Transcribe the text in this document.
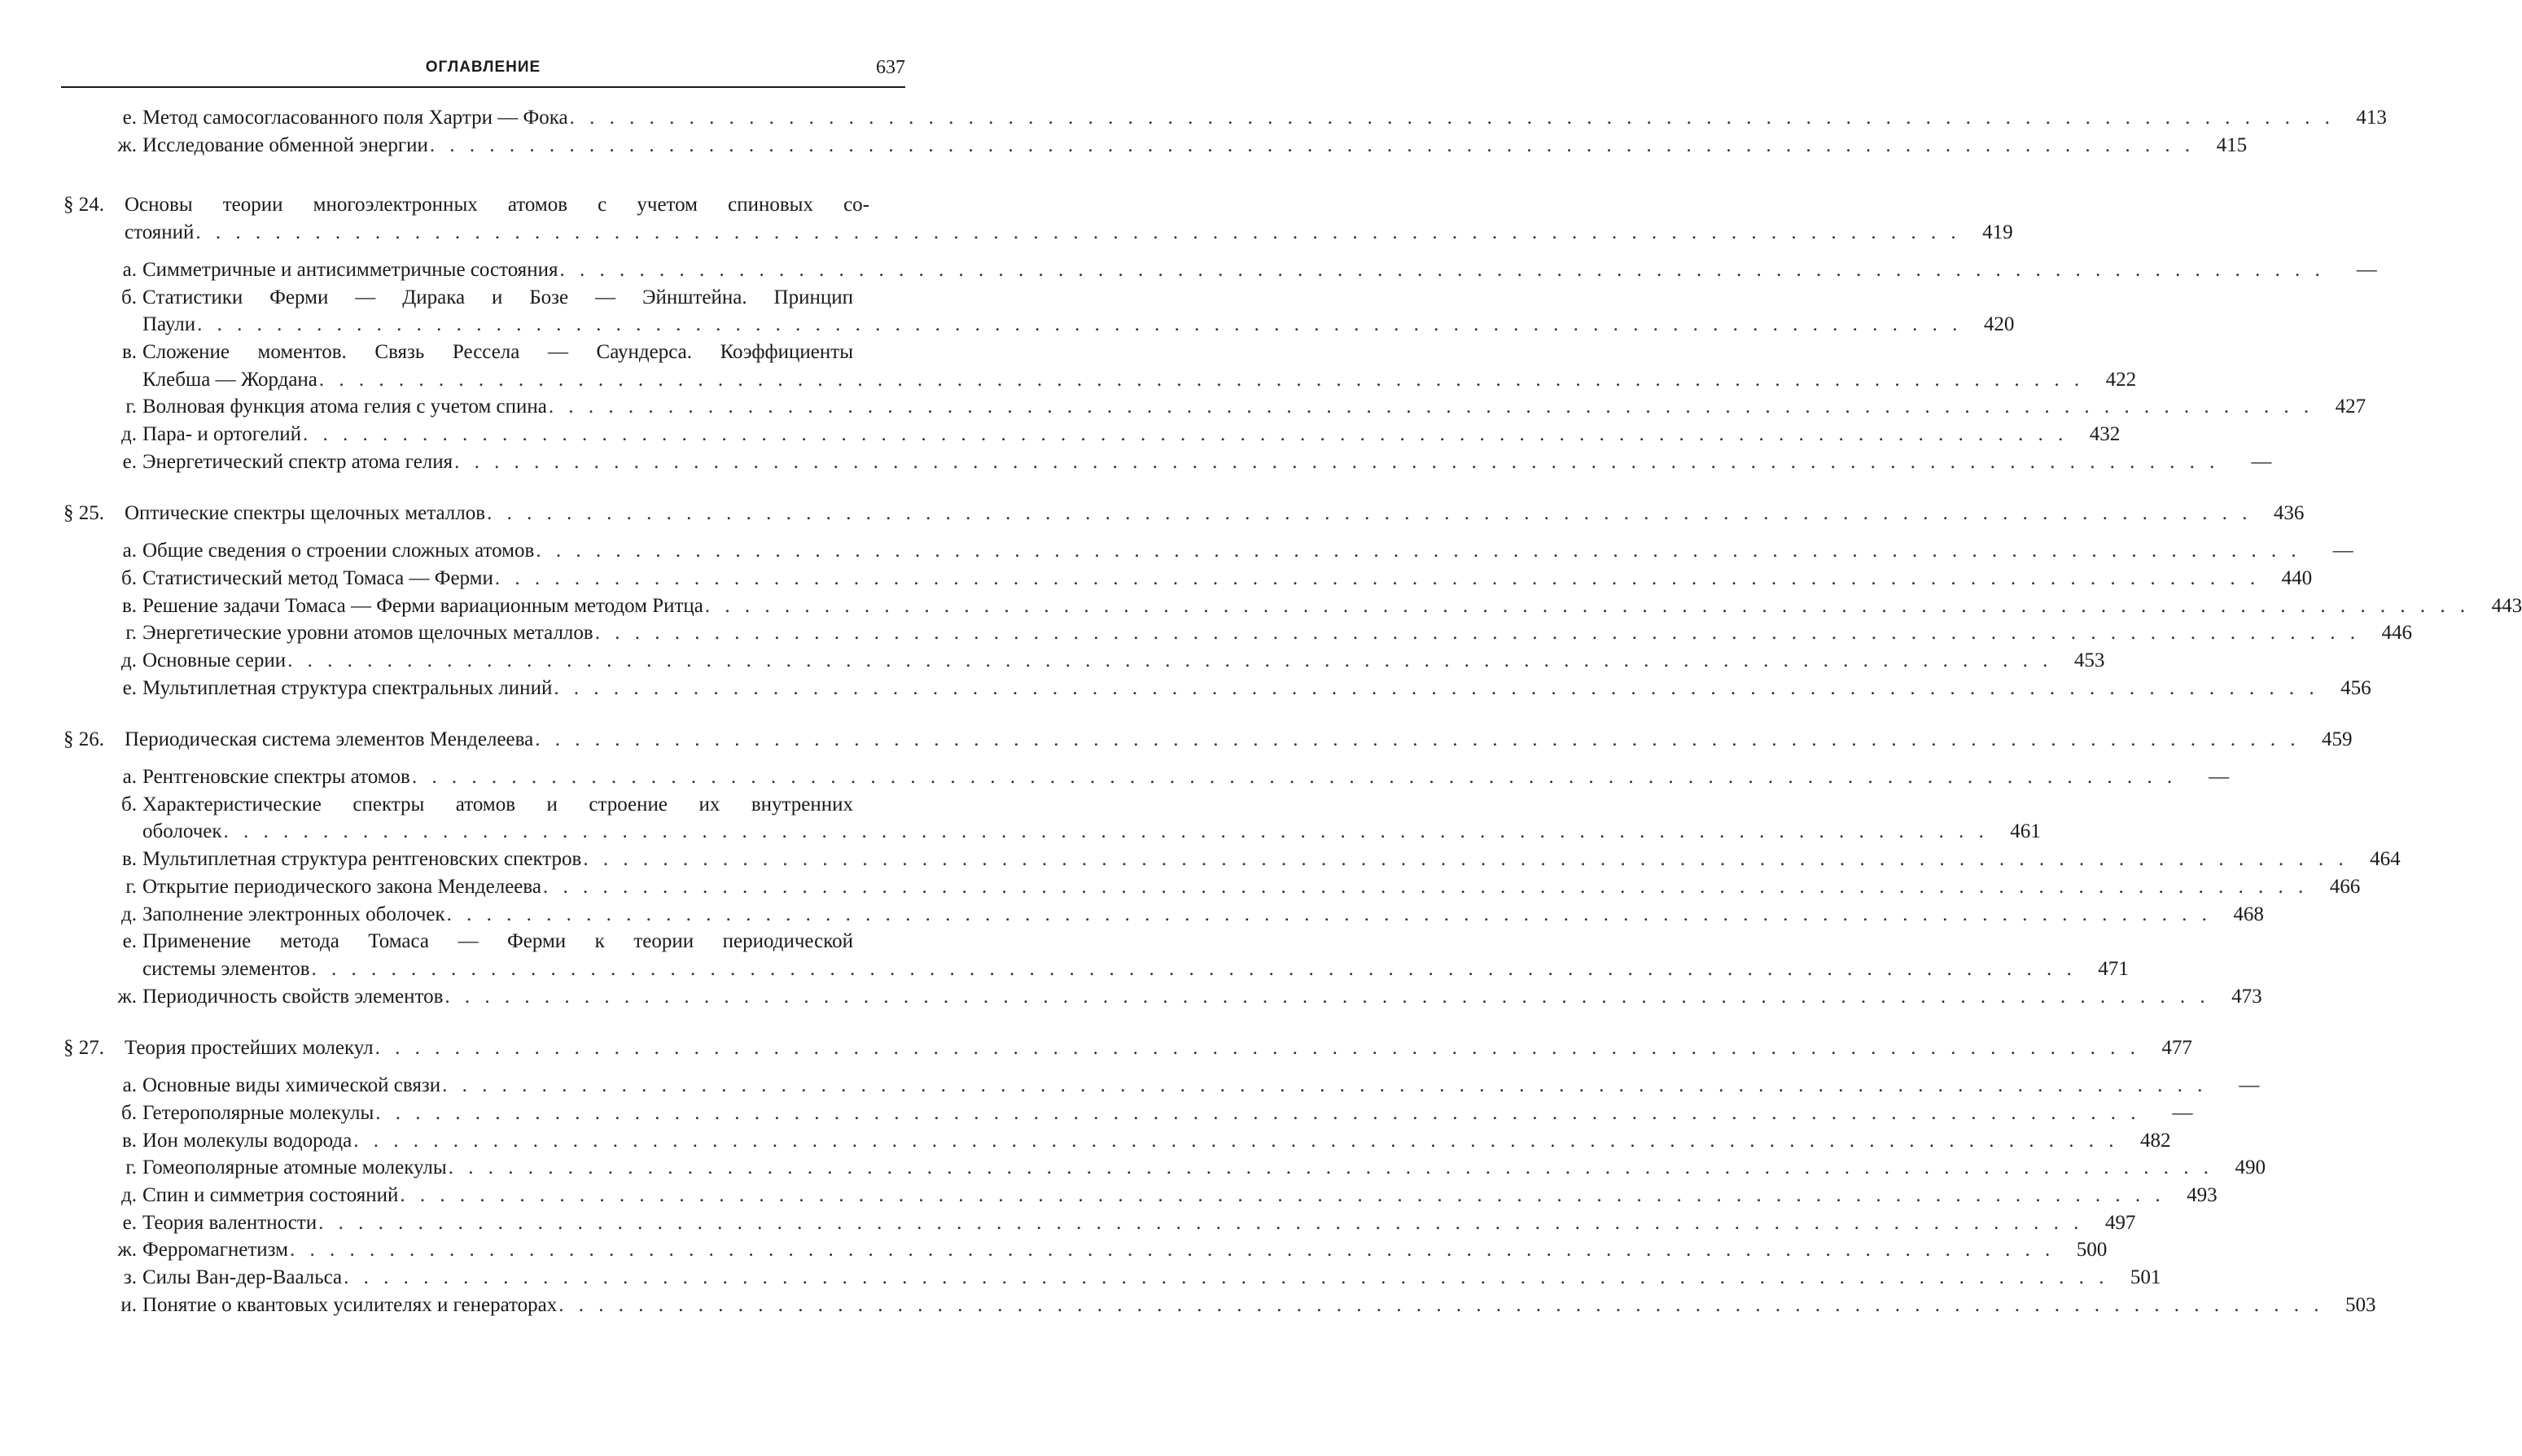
ОГЛАВЛЕНИЕ	637
е. Метод самосогласованного поля Хартри — Фока . . .	413
ж. Исследование обменной энергии . . .	415
§ 24.	Основы теории многоэлектронных атомов с учетом спиновых со-
стояний . . .	419
а. Симметричные и антисимметричные состояния . . .	—
б. Статистики Ферми — Дирака и Бозе — Эйнштейна. Принцип
Паули . . .	420
в. Сложение моментов. Связь Рессела — Саундерса. Коэффициенты
Клебша — Жордана . . .	422
г. Волновая функция атома гелия с учетом спина . . .	427
д. Пара- и ортогелий . . .	432
е. Энергетический спектр атома гелия . . .	—
§ 25.	Оптические спектры щелочных металлов . . .	436
а. Общие сведения о строении сложных атомов . . .	—
б. Статистический метод Томаса — Ферми . . .	440
в. Решение задачи Томаса — Ферми вариационным методом Ритца . . .	443
г. Энергетические уровни атомов щелочных металлов . . .	446
д. Основные серии . . .	453
е. Мультиплетная структура спектральных линий . . .	456
§ 26.	Периодическая система элементов Менделеева . . .	459
а. Рентгеновские спектры атомов . . .	—
б. Характеристические спектры атомов и строение их внутренних
оболочек . . .	461
в. Мультиплетная структура рентгеновских спектров . . .	464
г. Открытие периодического закона Менделеева . . .	466
д. Заполнение электронных оболочек . . .	468
е. Применение метода Томаса — Ферми к теории периодической
системы элементов . . .	471
ж. Периодичность свойств элементов . . .	473
§ 27.	Теория простейших молекул . . .	477
а. Основные виды химической связи . . .	—
б. Гетерополярные молекулы . . .	—
в. Ион молекулы водорода . . .	482
г. Гомеополярные атомные молекулы . . .	490
д. Спин и симметрия состояний . . .	493
е. Теория валентности . . .	497
ж. Ферромагнетизм . . .	500
з. Силы Ван-дер-Ваальса . . .	501
и. Понятие о квантовых усилителях и генераторах . . .	503
